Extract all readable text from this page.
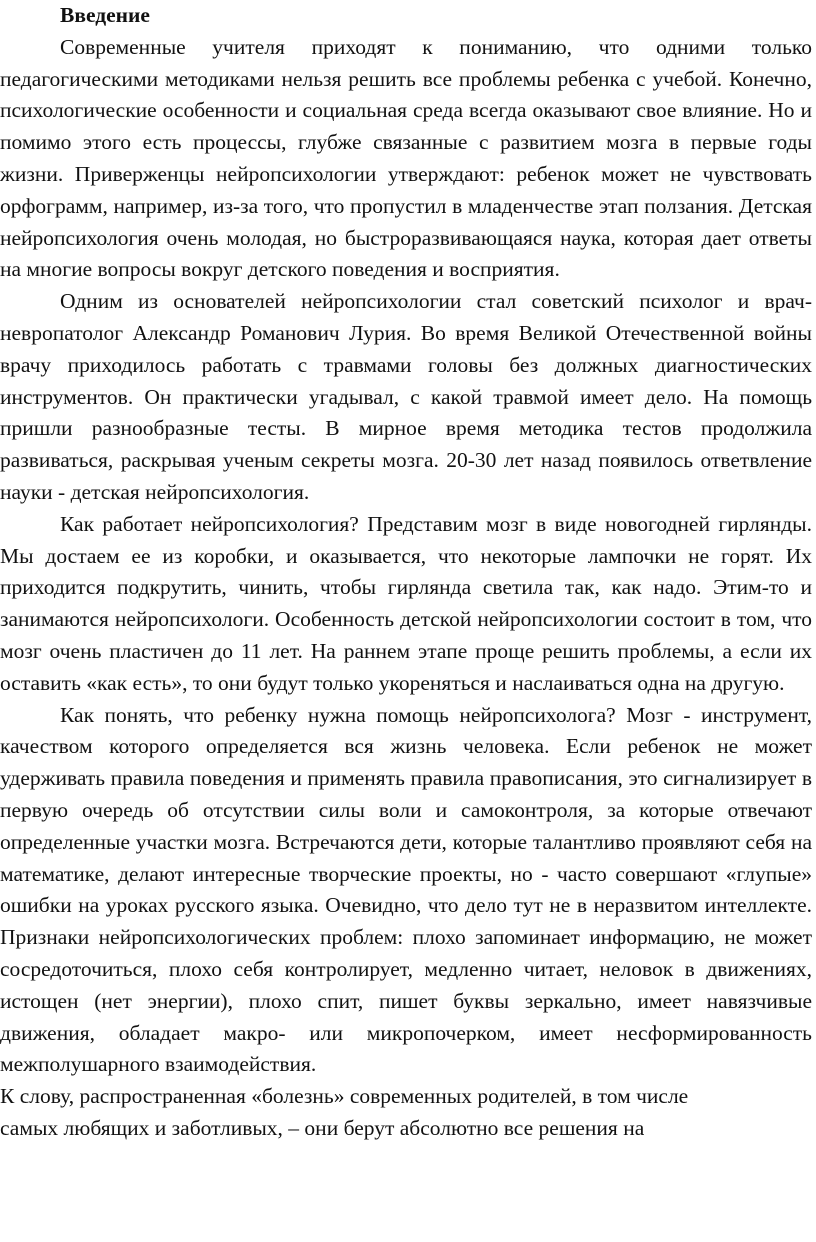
Введение

Современные учителя приходят к пониманию, что одними только педагогическими методиками нельзя решить все проблемы ребенка с учебой. Конечно, психологические особенности и социальная среда всегда оказывают свое влияние. Но и помимо этого есть процессы, глубже связанные с развитием мозга в первые годы жизни. Приверженцы нейропсихологии утверждают: ребенок может не чувствовать орфограмм, например, из-за того, что пропустил в младенчестве этап ползания. Детская нейропсихология очень молодая, но быстроразвивающаяся наука, которая дает ответы на многие вопросы вокруг детского поведения и восприятия.

Одним из основателей нейропсихологии стал советский психолог и врач-невропатолог Александр Романович Лурия. Во время Великой Отечественной войны врачу приходилось работать с травмами головы без должных диагностических инструментов. Он практически угадывал, с какой травмой имеет дело. На помощь пришли разнообразные тесты. В мирное время методика тестов продолжила развиваться, раскрывая ученым секреты мозга. 20-30 лет назад появилось ответвление науки - детская нейропсихология.

Как работает нейропсихология? Представим мозг в виде новогодней гирлянды. Мы достаем ее из коробки, и оказывается, что некоторые лампочки не горят. Их приходится подкрутить, чинить, чтобы гирлянда светила так, как надо. Этим-то и занимаются нейропсихологи. Особенность детской нейропсихологии состоит в том, что мозг очень пластичен до 11 лет. На раннем этапе проще решить проблемы, а если их оставить «как есть», то они будут только укореняться и наслаиваться одна на другую.

Как понять, что ребенку нужна помощь нейропсихолога? Мозг - инструмент, качеством которого определяется вся жизнь человека. Если ребенок не может удерживать правила поведения и применять правила правописания, это сигнализирует в первую очередь об отсутствии силы воли и самоконтроля, за которые отвечают определенные участки мозга. Встречаются дети, которые талантливо проявляют себя на математике, делают интересные творческие проекты, но - часто совершают «глупые» ошибки на уроках русского языка. Очевидно, что дело тут не в неразвитом интеллекте. Признаки нейропсихологических проблем: плохо запоминает информацию, не может сосредоточиться, плохо себя контролирует, медленно читает, неловок в движениях, истощен (нет энергии), плохо спит, пишет буквы зеркально, имеет навязчивые движения, обладает макро- или микропочерком, имеет несформированность межполушарного взаимодействия.

К слову, распространенная «болезнь» современных родителей, в том числе

самых любящих и заботливых, – они берут абсолютно все решения на
